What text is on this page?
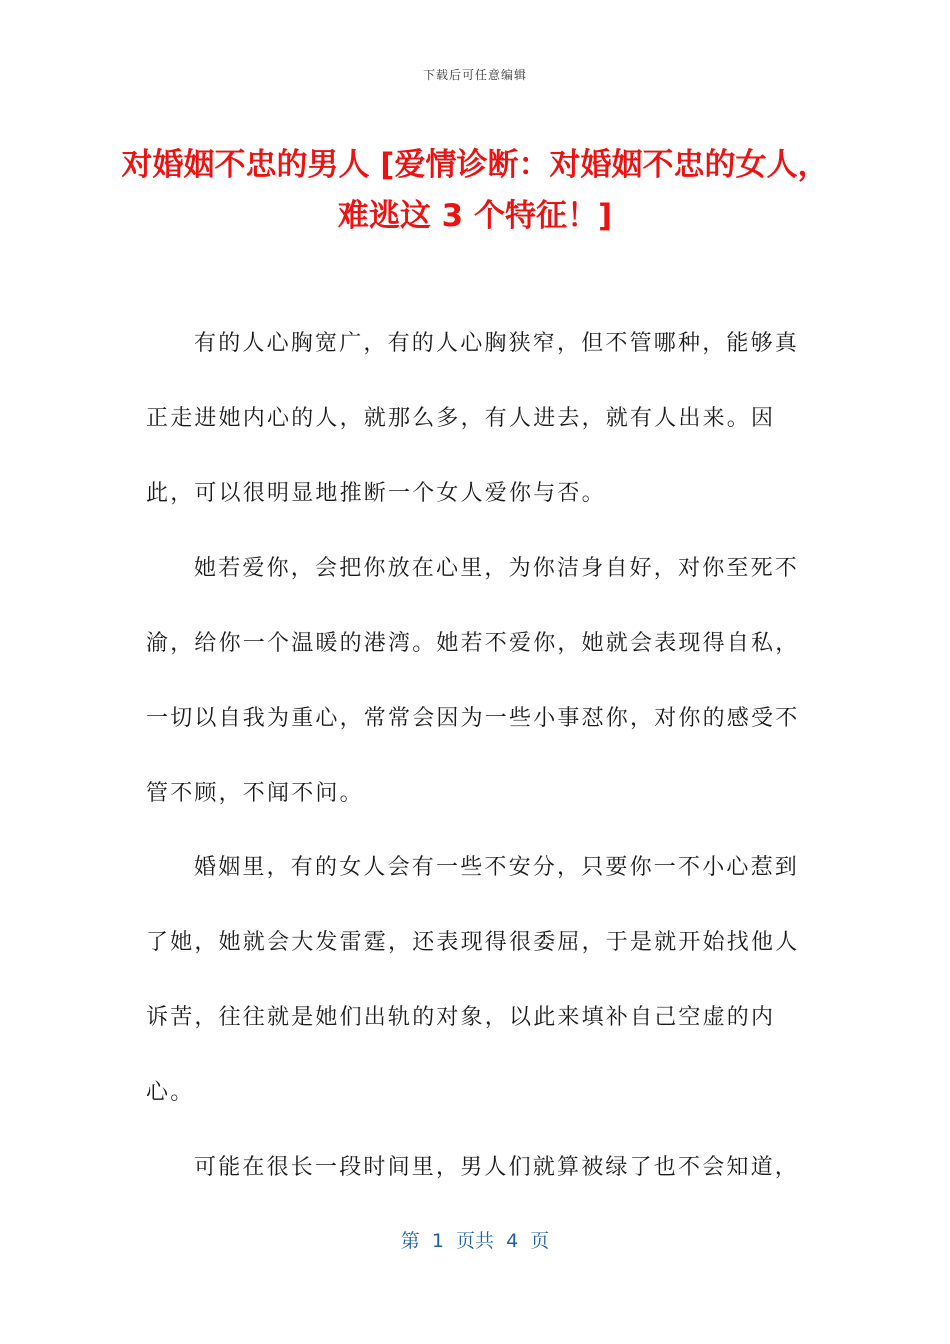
下载后可任意编辑
对婚姻不忠的男人 [爱情诊断：对婚姻不忠的女人，难逃这 3 个特征！]

有的人心胸宽广，有的人心胸狭窄，但不管哪种，能够真正走进她内心的人，就那么多，有人进去，就有人出来。因此，可以很明显地推断一个女人爱你与否。

她若爱你，会把你放在心里，为你洁身自好，对你至死不渝，给你一个温暖的港湾。她若不爱你，她就会表现得自私，一切以自我为重心，常常会因为一些小事怼你，对你的感受不管不顾，不闻不问。

婚姻里，有的女人会有一些不安分，只要你一不小心惹到了她，她就会大发雷霆，还表现得很委屈，于是就开始找他人诉苦，往往就是她们出轨的对象，以此来填补自己空虚的内心。

可能在很长一段时间里，男人们就算被绿了也不会知道，

第  1  页共  4  页
